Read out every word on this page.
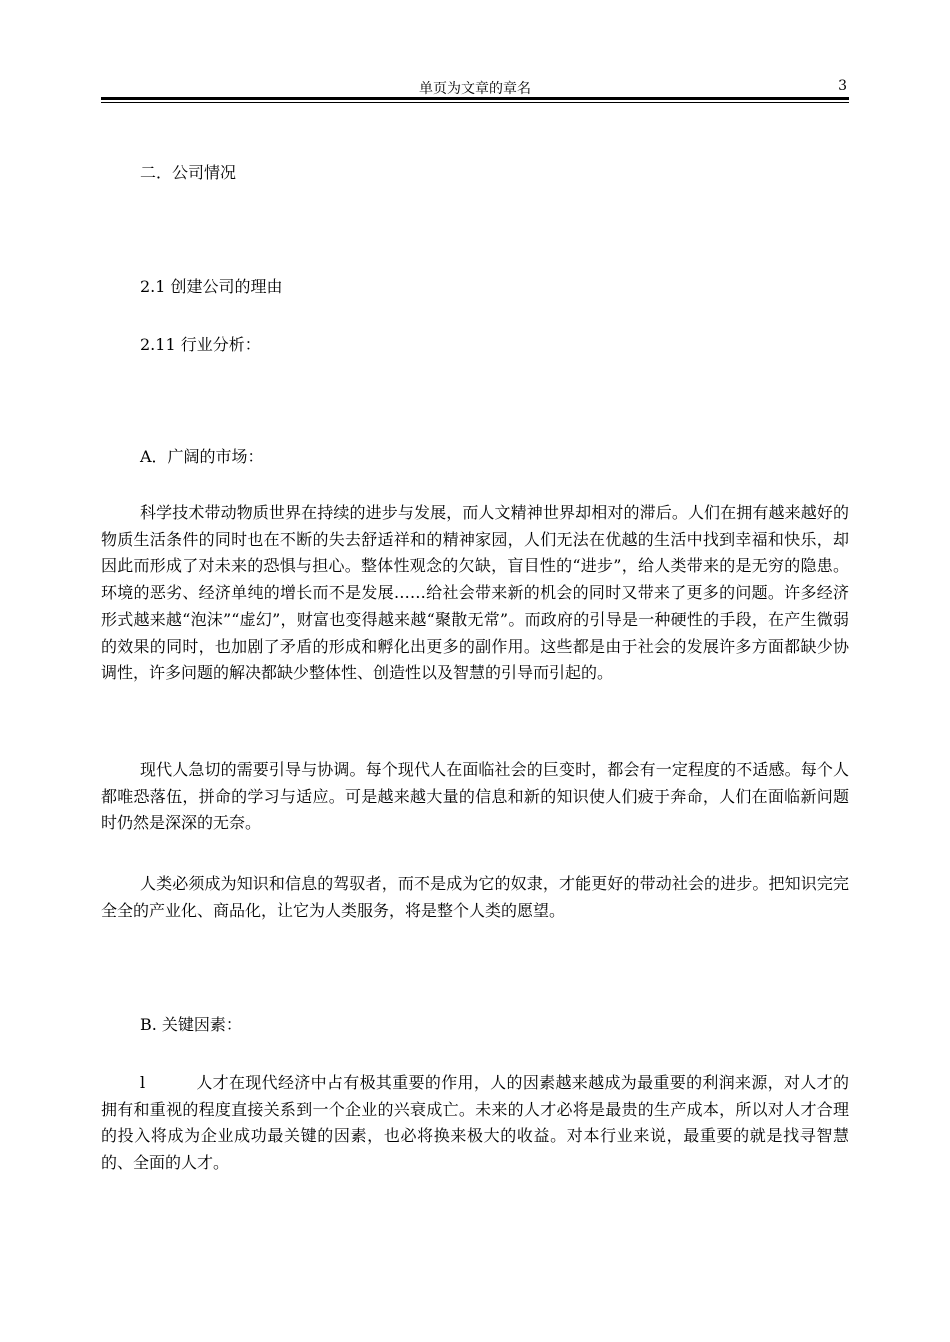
单页为文章的章名	3
二．公司情况
2.1 创建公司的理由
2.11 行业分析：
A．广阔的市场：
科学技术带动物质世界在持续的进步与发展，而人文精神世界却相对的滞后。人们在拥有越来越好的物质生活条件的同时也在不断的失去舒适祥和的精神家园，人们无法在优越的生活中找到幸福和快乐，却因此而形成了对未来的恐惧与担心。整体性观念的欠缺，盲目性的“进步”，给人类带来的是无穷的隐患。环境的恶劣、经济单纯的增长而不是发展……给社会带来新的机会的同时又带来了更多的问题。许多经济形式越来越“泡沫”“虚幻”，财富也变得越来越“聚散无常”。而政府的引导是一种硬性的手段，在产生微弱的效果的同时，也加剧了矛盾的形成和孵化出更多的副作用。这些都是由于社会的发展许多方面都缺少协调性，许多问题的解决都缺少整体性、创造性以及智慧的引导而引起的。
现代人急切的需要引导与协调。每个现代人在面临社会的巨变时，都会有一定程度的不适感。每个人都唯恐落伍，拼命的学习与适应。可是越来越大量的信息和新的知识使人们疲于奔命，人们在面临新问题时仍然是深深的无奈。
人类必须成为知识和信息的驾驭者，而不是成为它的奴隶，才能更好的带动社会的进步。把知识完完全全的产业化、商品化，让它为人类服务，将是整个人类的愿望。
B. 关键因素：
l	人才在现代经济中占有极其重要的作用，人的因素越来越成为最重要的利润来源，对人才的拥有和重视的程度直接关系到一个企业的兴衰成亡。未来的人才必将是最贵的生产成本，所以对人才合理的投入将成为企业成功最关键的因素，也必将换来极大的收益。对本行业来说，最重要的就是找寻智慧的、全面的人才。
